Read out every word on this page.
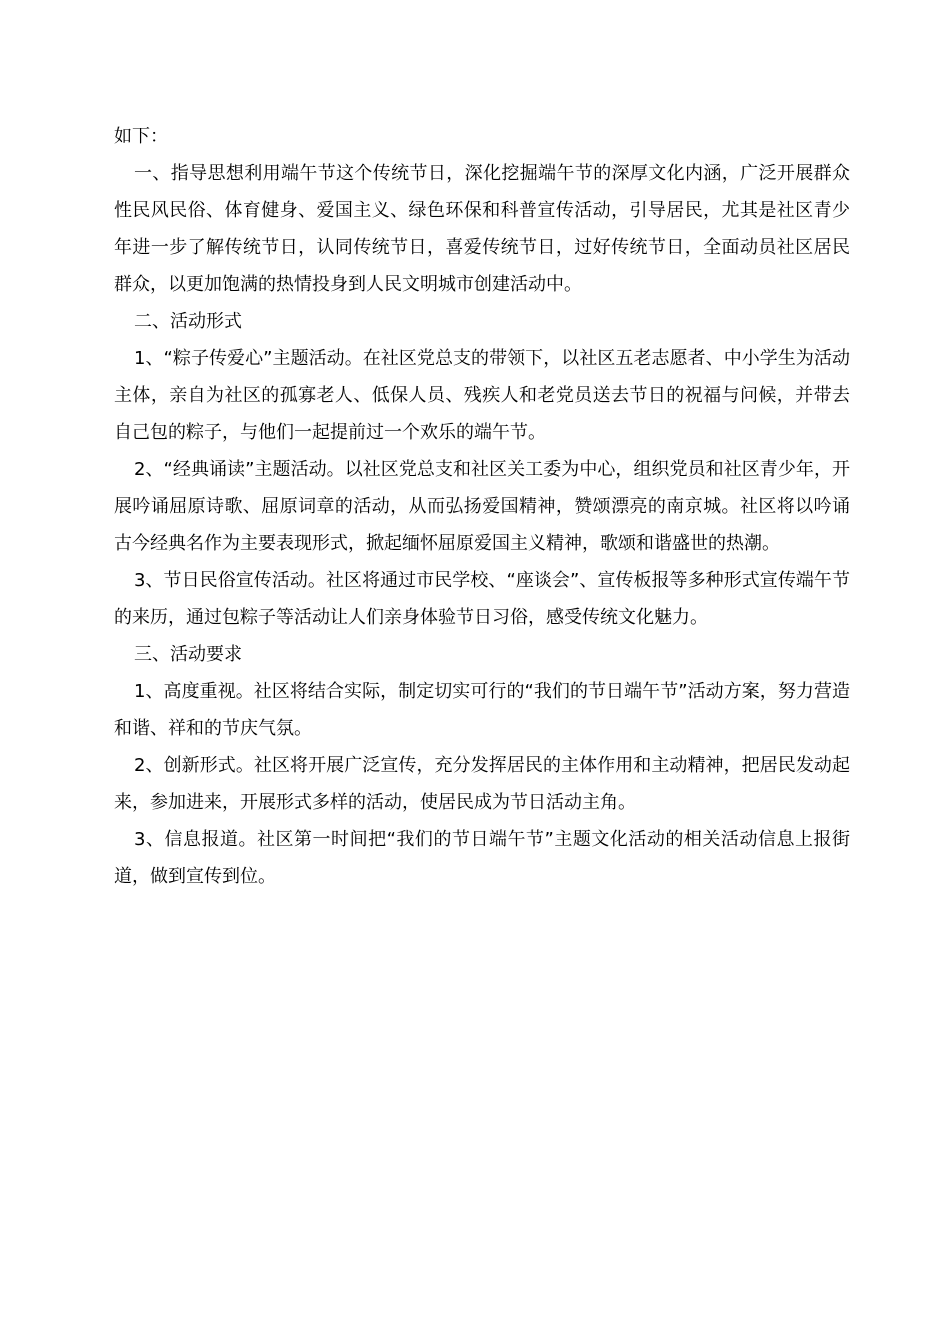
如下：

一、指导思想利用端午节这个传统节日，深化挖掘端午节的深厚文化内涵，广泛开展群众性民风民俗、体育健身、爱国主义、绿色环保和科普宣传活动，引导居民，尤其是社区青少年进一步了解传统节日，认同传统节日，喜爱传统节日，过好传统节日，全面动员社区居民群众，以更加饱满的热情投身到人民文明城市创建活动中。

二、活动形式

1、“粽子传爱心”主题活动。在社区党总支的带领下，以社区五老志愿者、中小学生为活动主体，亲自为社区的孤寡老人、低保人员、残疾人和老党员送去节日的祝福与问候，并带去自己包的粽子，与他们一起提前过一个欢乐的端午节。

2、“经典诵读”主题活动。以社区党总支和社区关工委为中心，组织党员和社区青少年，开展吟诵屈原诗歌、屈原词章的活动，从而弘扬爱国精神，赞颂漂亮的南京城。社区将以吟诵古今经典名作为主要表现形式，掀起缅怀屈原爱国主义精神，歌颂和谐盛世的热潮。

3、节日民俗宣传活动。社区将通过市民学校、“座谈会”、宣传板报等多种形式宣传端午节的来历，通过包粽子等活动让人们亲身体验节日习俗，感受传统文化魅力。

三、活动要求

1、高度重视。社区将结合实际，制定切实可行的“我们的节日端午节”活动方案，努力营造和谐、祥和的节庆气氛。

2、创新形式。社区将开展广泛宣传，充分发挥居民的主体作用和主动精神，把居民发动起来，参加进来，开展形式多样的活动，使居民成为节日活动主角。

3、信息报道。社区第一时间把“我们的节日端午节”主题文化活动的相关活动信息上报街道，做到宣传到位。
